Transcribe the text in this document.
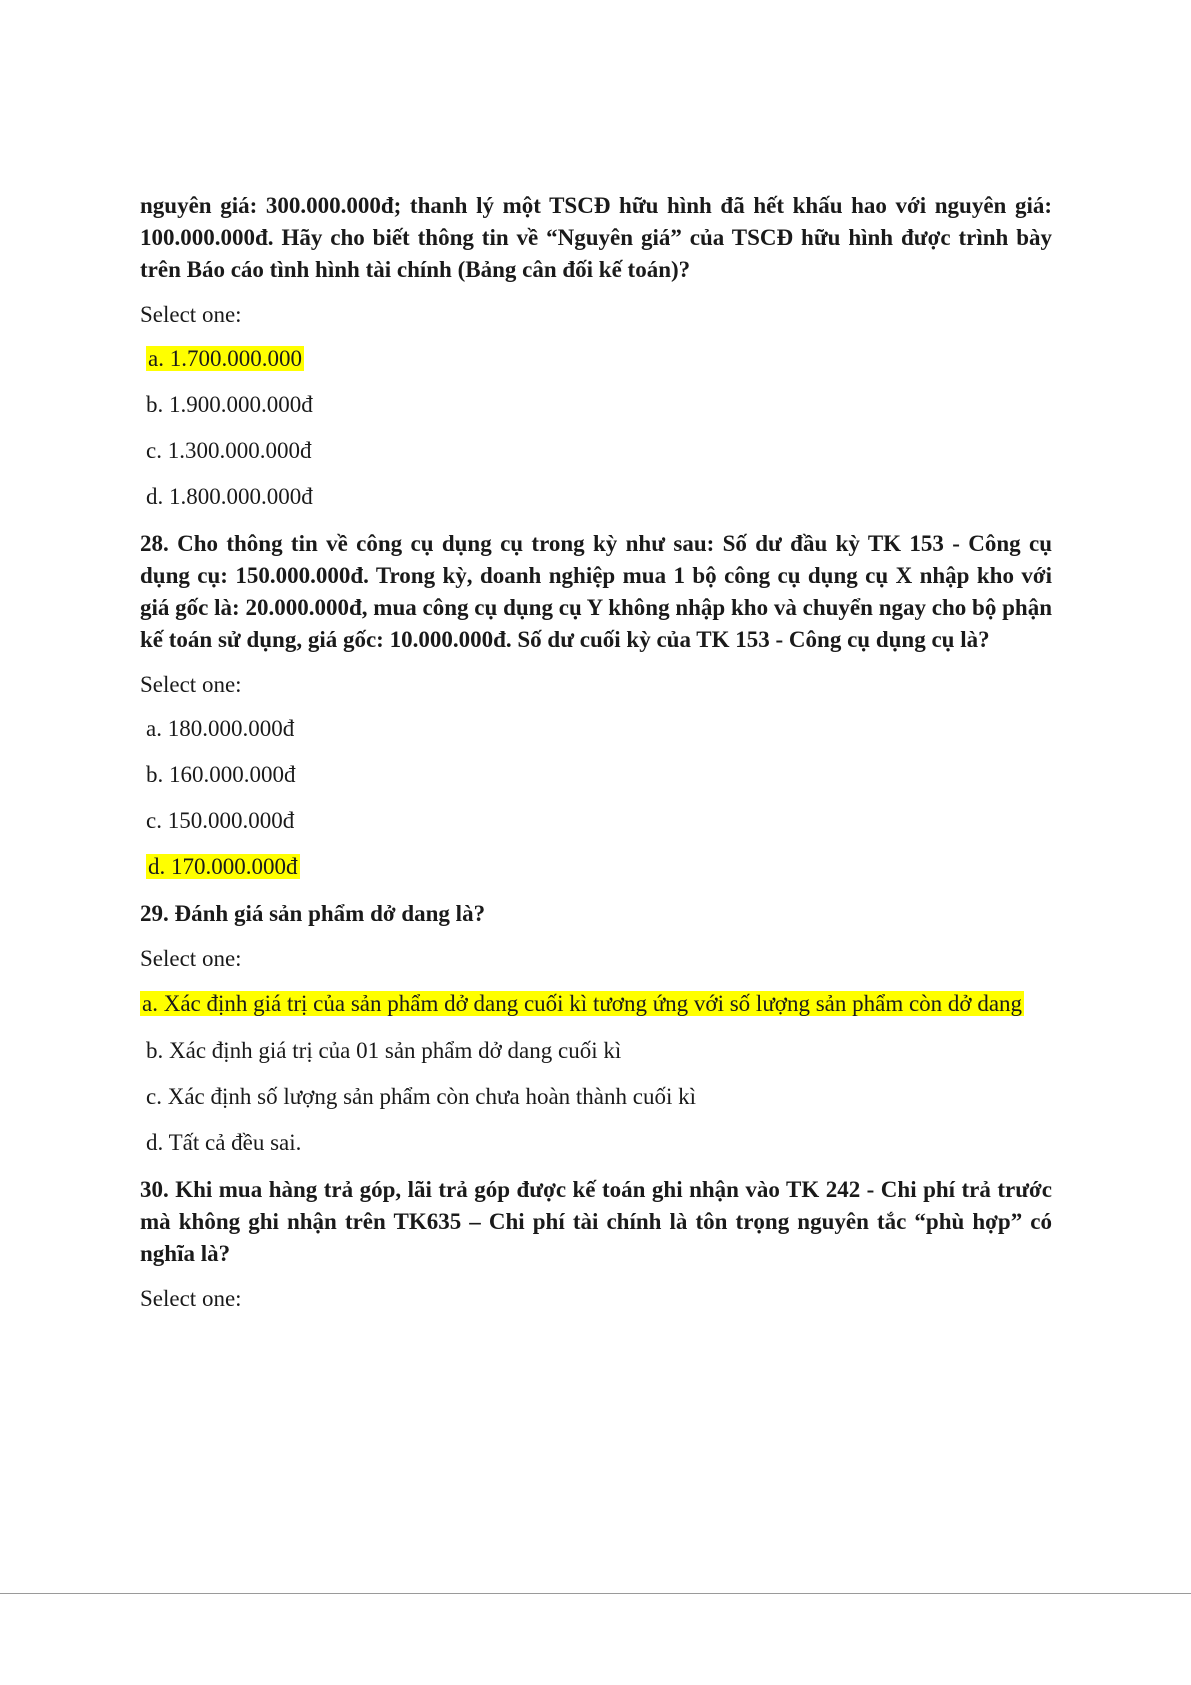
nguyên giá: 300.000.000đ; thanh lý một TSCĐ hữu hình đã hết khấu hao với nguyên giá: 100.000.000đ. Hãy cho biết thông tin về “Nguyên giá” của TSCĐ hữu hình được trình bày trên Báo cáo tình hình tài chính (Bảng cân đối kế toán)?

Select one:

a. 1.700.000.000

b. 1.900.000.000đ

c. 1.300.000.000đ

d. 1.800.000.000đ

28. Cho thông tin về công cụ dụng cụ trong kỳ như sau: Số dư đầu kỳ TK 153 - Công cụ dụng cụ: 150.000.000đ. Trong kỳ, doanh nghiệp mua 1 bộ công cụ dụng cụ X nhập kho với giá gốc là: 20.000.000đ, mua công cụ dụng cụ Y không nhập kho và chuyển ngay cho bộ phận kế toán sử dụng, giá gốc: 10.000.000đ. Số dư cuối kỳ của TK 153 - Công cụ dụng cụ là?

Select one:

a. 180.000.000đ

b. 160.000.000đ

c. 150.000.000đ

d. 170.000.000đ

29. Đánh giá sản phẩm dở dang là?

Select one:

a. Xác định giá trị của sản phẩm dở dang cuối kì tương ứng với số lượng sản phẩm còn dở dang

b. Xác định giá trị của 01 sản phẩm dở dang cuối kì

c. Xác định số lượng sản phẩm còn chưa hoàn thành cuối kì

d. Tất cả đều sai.

30. Khi mua hàng trả góp, lãi trả góp được kế toán ghi nhận vào TK 242 - Chi phí trả trước mà không ghi nhận trên TK635 – Chi phí tài chính là tôn trọng nguyên tắc “phù hợp” có nghĩa là?

Select one:
